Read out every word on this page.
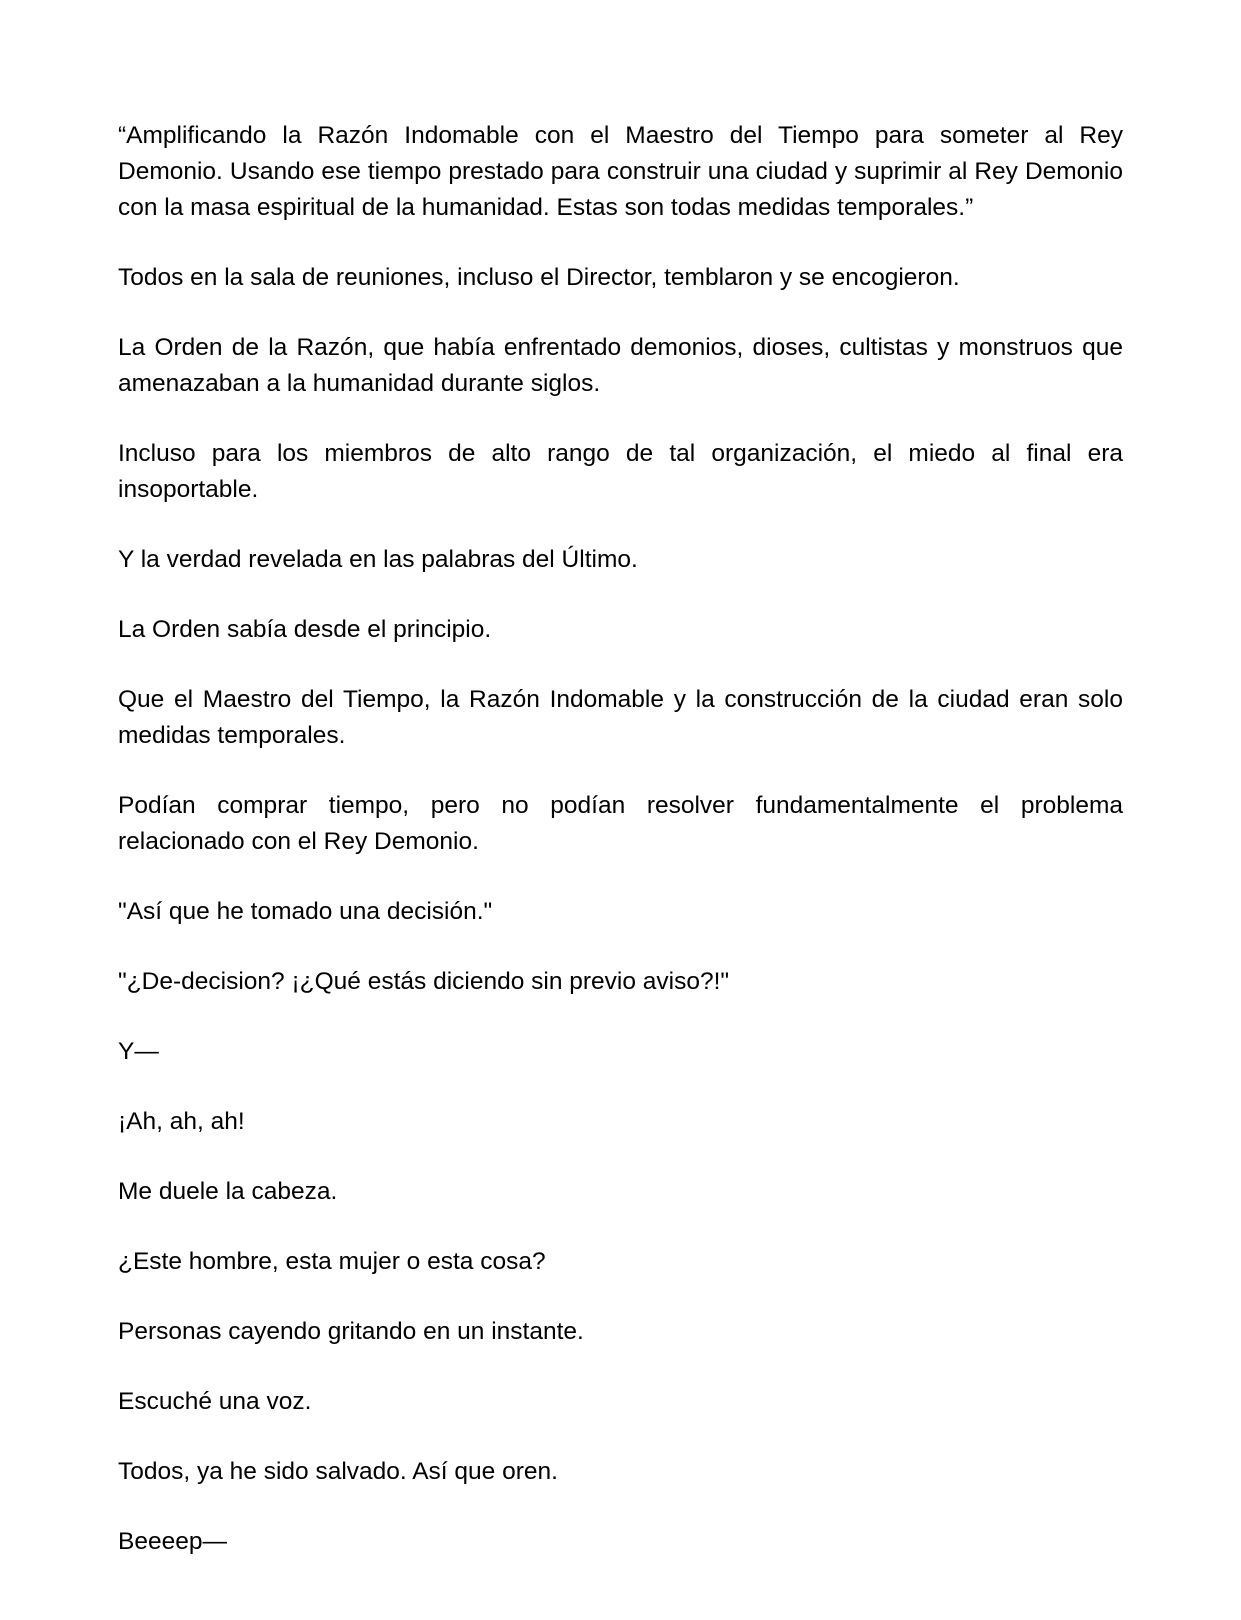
“Amplificando la Razón Indomable con el Maestro del Tiempo para someter al Rey Demonio. Usando ese tiempo prestado para construir una ciudad y suprimir al Rey Demonio con la masa espiritual de la humanidad. Estas son todas medidas temporales.”

Todos en la sala de reuniones, incluso el Director, temblaron y se encogieron.

La Orden de la Razón, que había enfrentado demonios, dioses, cultistas y monstruos que amenazaban a la humanidad durante siglos.

Incluso para los miembros de alto rango de tal organización, el miedo al final era insoportable.

Y la verdad revelada en las palabras del Último.

La Orden sabía desde el principio.

Que el Maestro del Tiempo, la Razón Indomable y la construcción de la ciudad eran solo medidas temporales.

Podían comprar tiempo, pero no podían resolver fundamentalmente el problema relacionado con el Rey Demonio.

"Así que he tomado una decisión."

"¿De-decision? ¡¿Qué estás diciendo sin previo aviso?!"

Y—

¡Ah, ah, ah!

Me duele la cabeza.

¿Este hombre, esta mujer o esta cosa?

Personas cayendo gritando en un instante.

Escuché una voz.

Todos, ya he sido salvado. Así que oren.

Beeeep—
